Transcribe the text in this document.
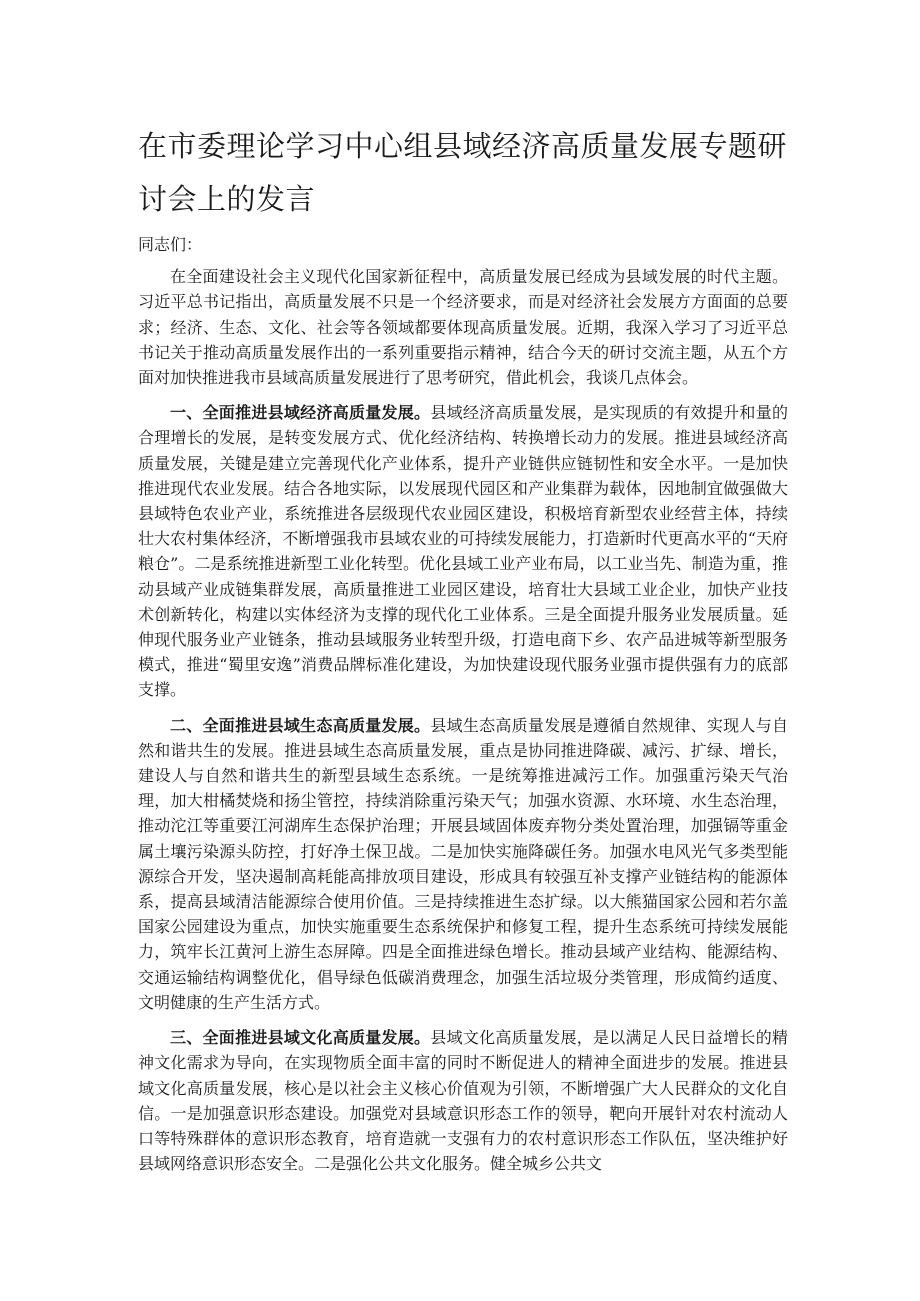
在市委理论学习中心组县域经济高质量发展专题研讨会上的发言

同志们：

在全面建设社会主义现代化国家新征程中，高质量发展已经成为县域发展的时代主题。习近平总书记指出，高质量发展不只是一个经济要求，而是对经济社会发展方方面面的总要求；经济、生态、文化、社会等各领域都要体现高质量发展。近期，我深入学习了习近平总书记关于推动高质量发展作出的一系列重要指示精神，结合今天的研讨交流主题，从五个方面对加快推进我市县域高质量发展进行了思考研究，借此机会，我谈几点体会。

一、全面推进县域经济高质量发展。县域经济高质量发展，是实现质的有效提升和量的合理增长的发展，是转变发展方式、优化经济结构、转换增长动力的发展。推进县域经济高质量发展，关键是建立完善现代化产业体系，提升产业链供应链韧性和安全水平。一是加快推进现代农业发展。结合各地实际，以发展现代园区和产业集群为载体，因地制宜做强做大县域特色农业产业，系统推进各层级现代农业园区建设，积极培育新型农业经营主体，持续壮大农村集体经济，不断增强我市县域农业的可持续发展能力，打造新时代更高水平的“天府粮仓”。二是系统推进新型工业化转型。优化县域工业产业布局，以工业当先、制造为重，推动县域产业成链集群发展，高质量推进工业园区建设，培育壮大县域工业企业，加快产业技术创新转化，构建以实体经济为支撑的现代化工业体系。三是全面提升服务业发展质量。延伸现代服务业产业链条，推动县域服务业转型升级，打造电商下乡、农产品进城等新型服务模式，推进“蜀里安逸”消费品牌标准化建设，为加快建设现代服务业强市提供强有力的底部支撑。

二、全面推进县域生态高质量发展。县域生态高质量发展是遵循自然规律、实现人与自然和谐共生的发展。推进县域生态高质量发展，重点是协同推进降碳、减污、扩绿、增长，建设人与自然和谐共生的新型县域生态系统。一是统筹推进减污工作。加强重污染天气治理，加大柑橘焚烧和扬尘管控，持续消除重污染天气；加强水资源、水环境、水生态治理，推动沱江等重要江河湖库生态保护治理；开展县域固体废弃物分类处置治理，加强镉等重金属土壤污染源头防控，打好净土保卫战。二是加快实施降碳任务。加强水电风光气多类型能源综合开发，坚决遏制高耗能高排放项目建设，形成具有较强互补支撑产业链结构的能源体系，提高县域清洁能源综合使用价值。三是持续推进生态扩绿。以大熊猫国家公园和若尔盖国家公园建设为重点，加快实施重要生态系统保护和修复工程，提升生态系统可持续发展能力，筑牢长江黄河上游生态屏障。四是全面推进绿色增长。推动县域产业结构、能源结构、交通运输结构调整优化，倡导绿色低碳消费理念，加强生活垃圾分类管理，形成简约适度、文明健康的生产生活方式。

三、全面推进县域文化高质量发展。县域文化高质量发展，是以满足人民日益增长的精神文化需求为导向，在实现物质全面丰富的同时不断促进人的精神全面进步的发展。推进县域文化高质量发展，核心是以社会主义核心价值观为引领，不断增强广大人民群众的文化自信。一是加强意识形态建设。加强党对县域意识形态工作的领导，靶向开展针对农村流动人口等特殊群体的意识形态教育，培育造就一支强有力的农村意识形态工作队伍，坚决维护好县域网络意识形态安全。二是强化公共文化服务。健全城乡公共文
